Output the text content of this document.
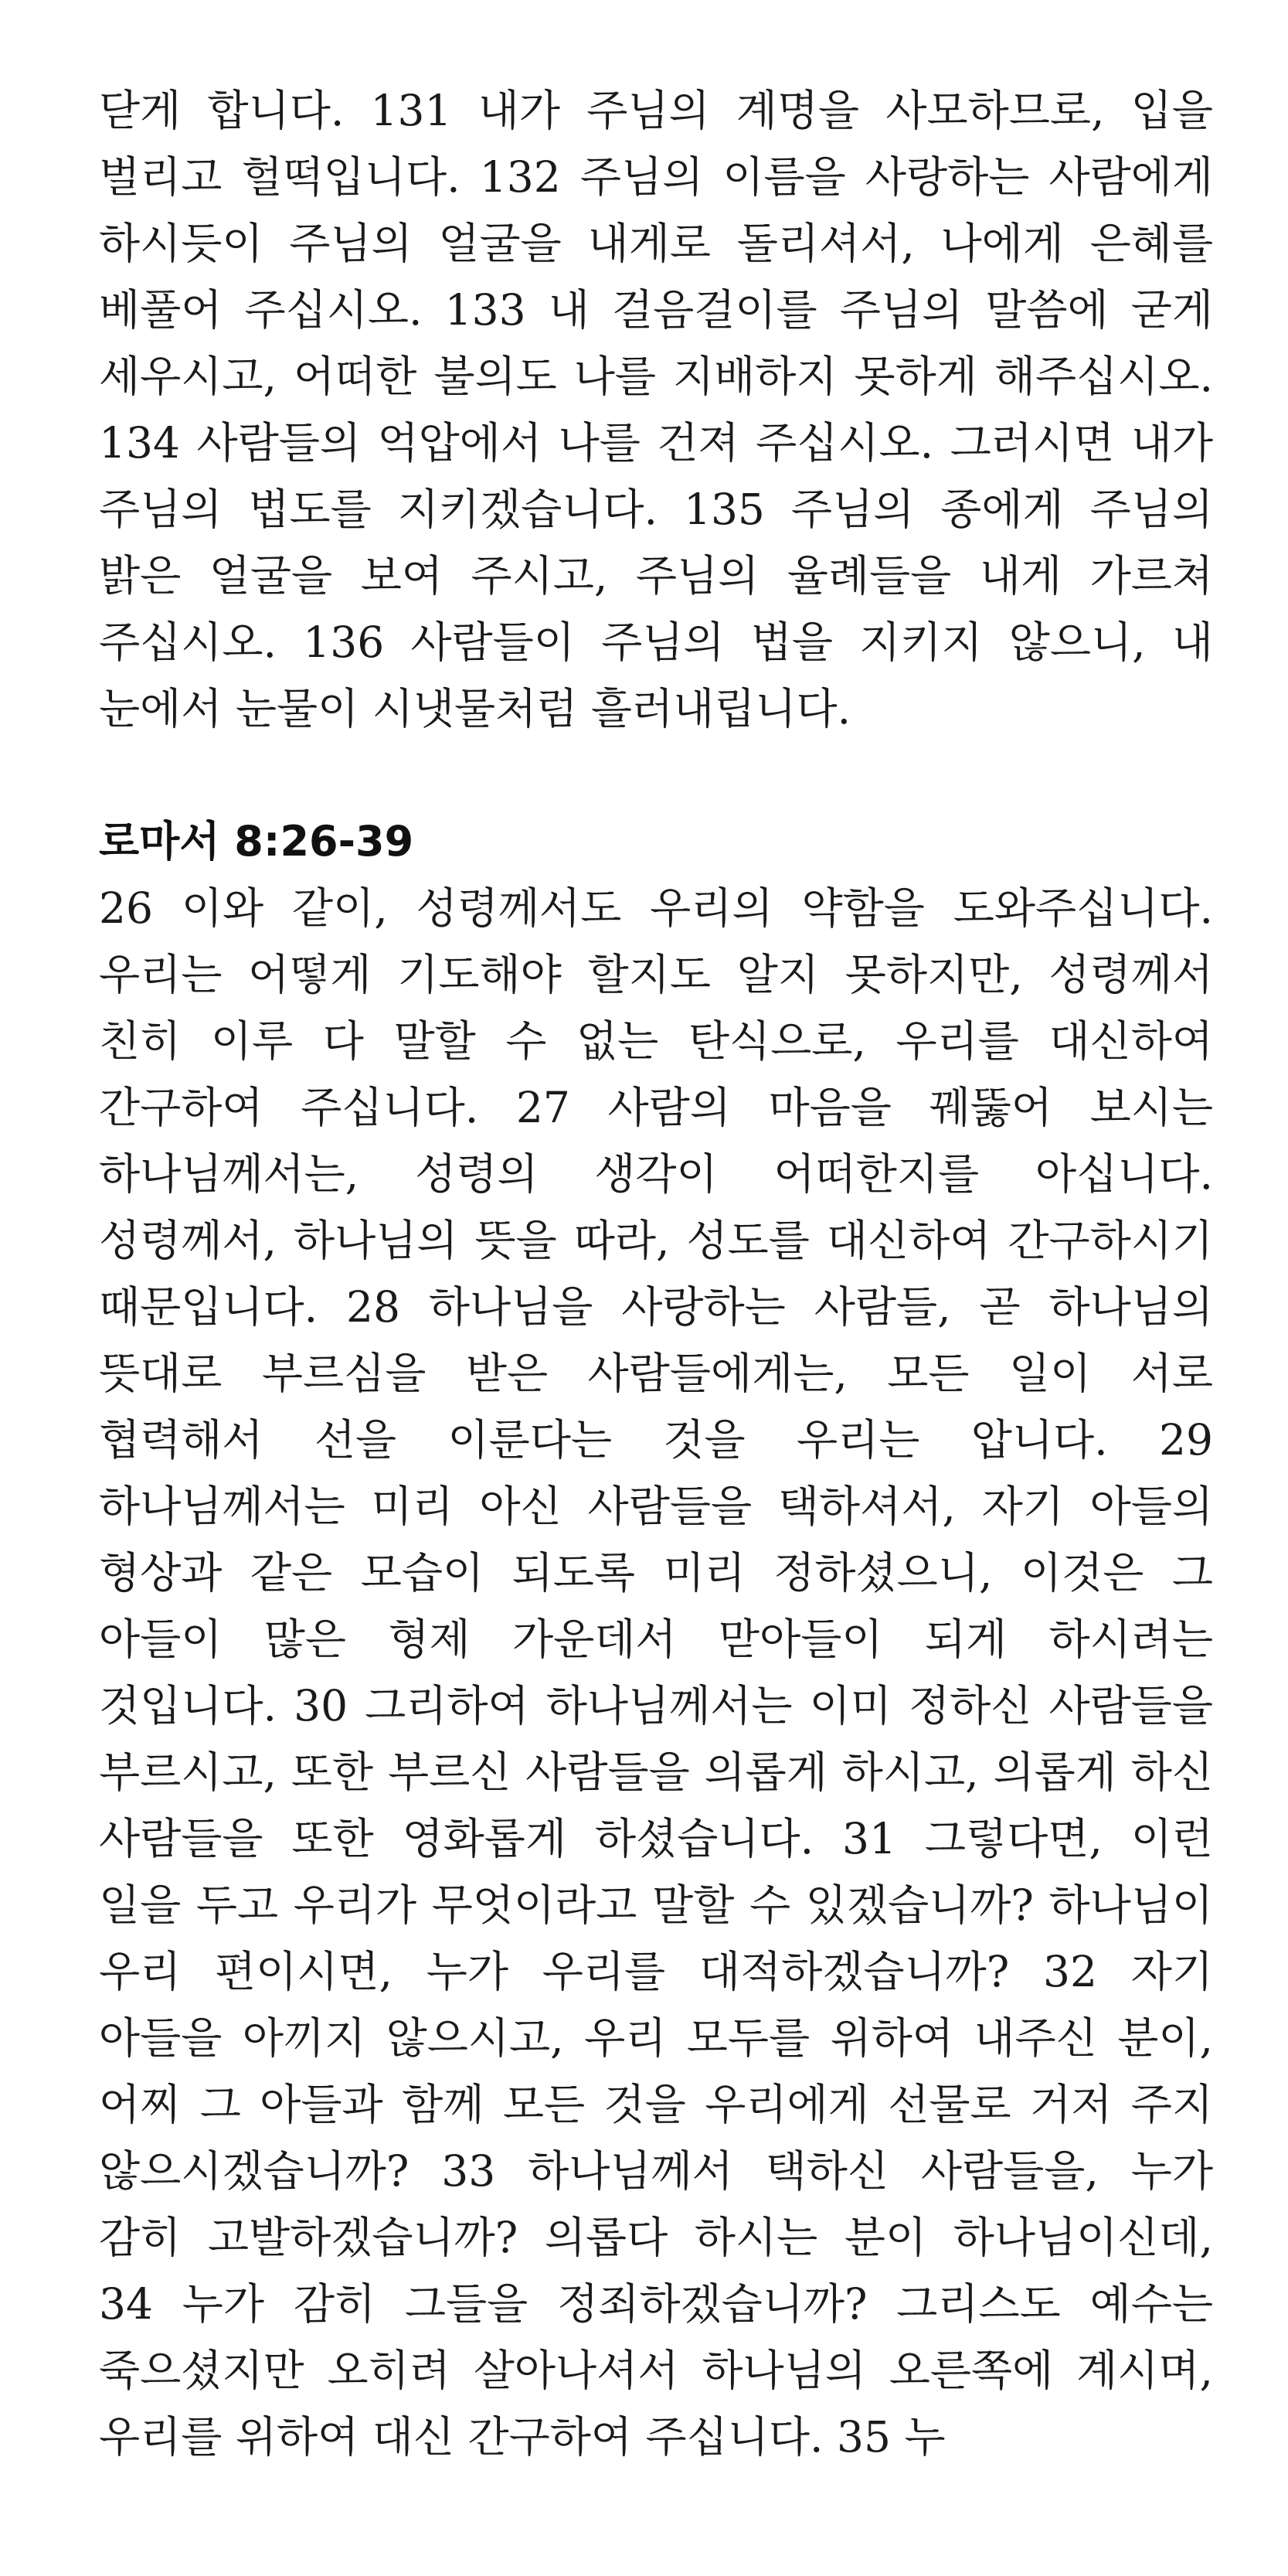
닫게 합니다. 131 내가 주님의 계명을 사모하므로, 입을 벌리고 헐떡입니다. 132 주님의 이름을 사랑하는 사람에게 하시듯이 주님의 얼굴을 내게로 돌리셔서, 나에게 은혜를 베풀어 주십시오. 133 내 걸음걸이를 주님의 말씀에 굳게 세우시고, 어떠한 불의도 나를 지배하지 못하게 해주십시오. 134 사람들의 억압에서 나를 건져 주십시오. 그러시면 내가 주님의 법도를 지키겠습니다. 135 주님의 종에게 주님의 밝은 얼굴을 보여 주시고, 주님의 율례들을 내게 가르쳐 주십시오. 136 사람들이 주님의 법을 지키지 않으니, 내 눈에서 눈물이 시냇물처럼 흘러내립니다.

로마서 8:26-39

26 이와 같이, 성령께서도 우리의 약함을 도와주십니다. 우리는 어떻게 기도해야 할지도 알지 못하지만, 성령께서 친히 이루 다 말할 수 없는 탄식으로, 우리를 대신하여 간구하여 주십니다. 27 사람의 마음을 꿰뚫어 보시는 하나님께서는, 성령의 생각이 어떠한지를 아십니다. 성령께서, 하나님의 뜻을 따라, 성도를 대신하여 간구하시기 때문입니다. 28 하나님을 사랑하는 사람들, 곧 하나님의 뜻대로 부르심을 받은 사람들에게는, 모든 일이 서로 협력해서 선을 이룬다는 것을 우리는 압니다. 29 하나님께서는 미리 아신 사람들을 택하셔서, 자기 아들의 형상과 같은 모습이 되도록 미리 정하셨으니, 이것은 그 아들이 많은 형제 가운데서 맏아들이 되게 하시려는 것입니다. 30 그리하여 하나님께서는 이미 정하신 사람들을 부르시고, 또한 부르신 사람들을 의롭게 하시고, 의롭게 하신 사람들을 또한 영화롭게 하셨습니다. 31 그렇다면, 이런 일을 두고 우리가 무엇이라고 말할 수 있겠습니까? 하나님이 우리 편이시면, 누가 우리를 대적하겠습니까? 32 자기 아들을 아끼지 않으시고, 우리 모두를 위하여 내주신 분이, 어찌 그 아들과 함께 모든 것을 우리에게 선물로 거저 주지 않으시겠습니까? 33 하나님께서 택하신 사람들을, 누가 감히 고발하겠습니까? 의롭다 하시는 분이 하나님이신데, 34 누가 감히 그들을 정죄하겠습니까? 그리스도 예수는 죽으셨지만 오히려 살아나셔서 하나님의 오른쪽에 계시며, 우리를 위하여 대신 간구하여 주십니다. 35 누
